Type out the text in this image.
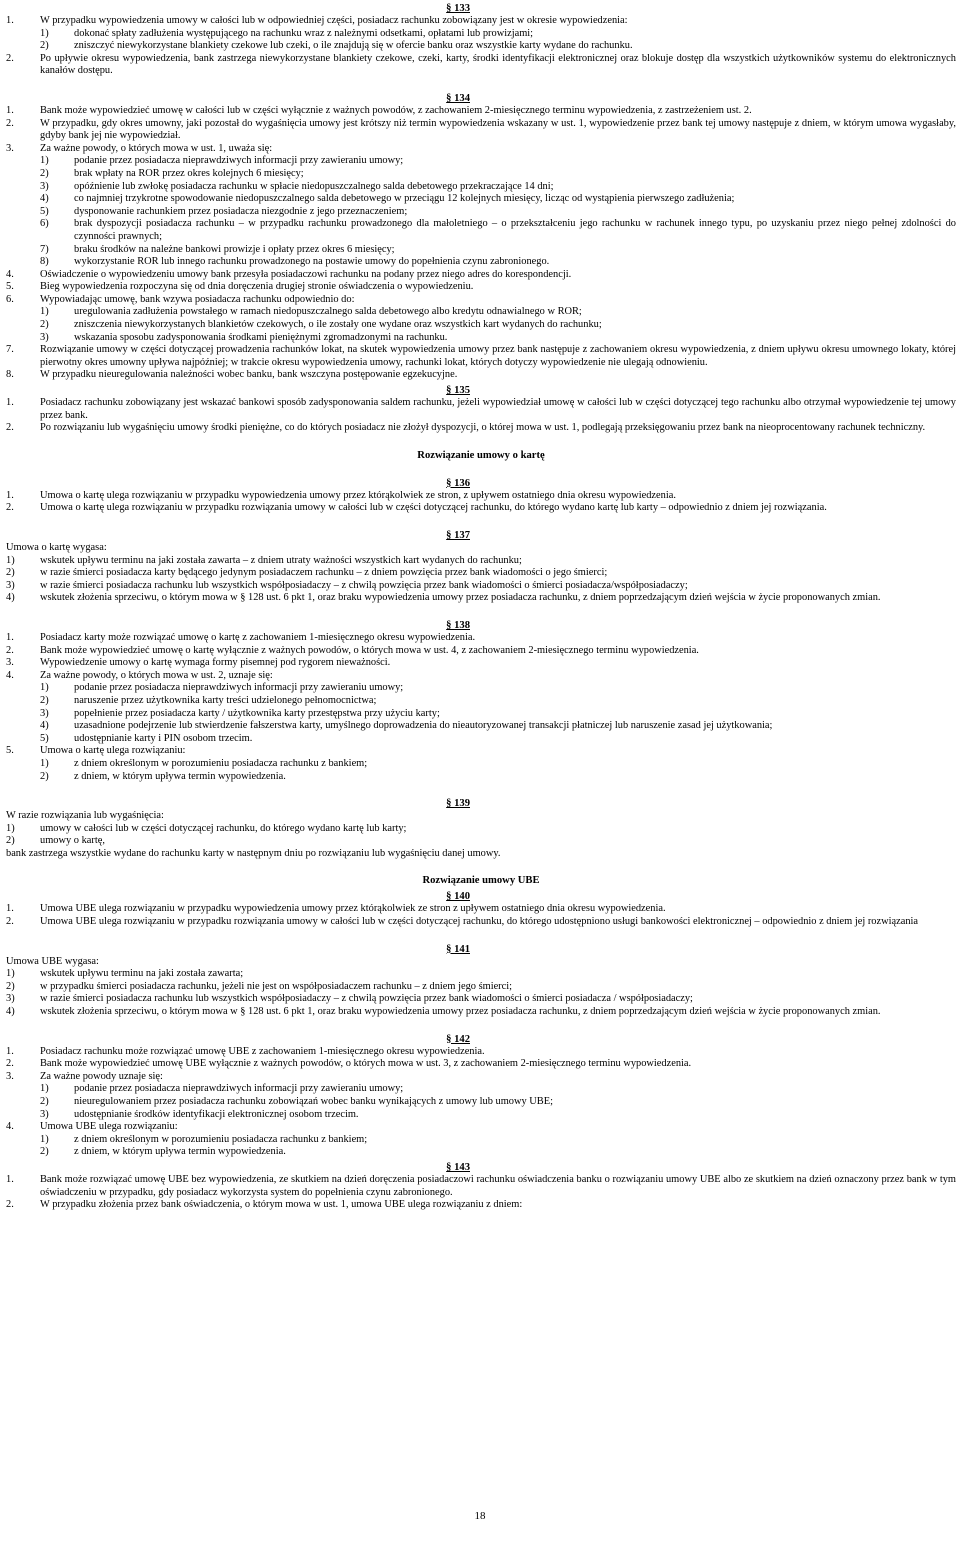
§ 133
1.	W przypadku wypowiedzenia umowy w całości lub w odpowiedniej części, posiadacz rachunku zobowiązany jest w okresie wypowiedzenia:
1)	dokonać spłaty zadłużenia występującego na rachunku wraz z należnymi odsetkami, opłatami lub prowizjami;
2)	zniszczyć niewykorzystane blankiety czekowe lub czeki, o ile znajdują się w ofercie banku oraz wszystkie karty wydane do rachunku.
2.	Po upływie okresu wypowiedzenia, bank zastrzega niewykorzystane blankiety czekowe, czeki, karty, środki identyfikacji elektronicznej oraz blokuje dostęp dla wszystkich użytkowników systemu do elektronicznych kanałów dostępu.
§ 134
1.	Bank może wypowiedzieć umowę w całości lub w części wyłącznie z ważnych powodów, z zachowaniem 2-miesięcznego terminu wypowiedzenia, z zastrzeżeniem ust. 2.
2.	W przypadku, gdy okres umowny, jaki pozostał do wygaśnięcia umowy jest krótszy niż termin wypowiedzenia wskazany w ust. 1, wypowiedzenie przez bank tej umowy następuje z dniem, w którym umowa wygasłaby, gdyby bank jej nie wypowiedział.
3.	Za ważne powody, o których mowa w ust. 1, uważa się:
1)	podanie przez posiadacza nieprawdziwych informacji przy zawieraniu umowy;
2)	brak wpłaty na ROR przez okres kolejnych 6 miesięcy;
3)	opóźnienie lub zwłokę posiadacza rachunku w spłacie niedopuszczalnego salda debetowego przekraczające 14 dni;
4)	co najmniej trzykrotne spowodowanie niedopuszczalnego salda debetowego w przeciągu 12 kolejnych miesięcy, licząc od wystąpienia pierwszego zadłużenia;
5)	dysponowanie rachunkiem przez posiadacza niezgodnie z jego przeznaczeniem;
6)	brak dyspozycji posiadacza rachunku – w przypadku rachunku prowadzonego dla małoletniego – o przekształceniu jego rachunku w rachunek innego typu, po uzyskaniu przez niego pełnej zdolności do czynności prawnych;
7)	braku środków na należne bankowi prowizje i opłaty przez okres 6 miesięcy;
8)	wykorzystanie ROR lub innego rachunku prowadzonego na postawie umowy do popełnienia czynu zabronionego.
4.	Oświadczenie o wypowiedzeniu umowy bank przesyła posiadaczowi rachunku na podany przez niego adres do korespondencji.
5.	Bieg wypowiedzenia rozpoczyna się od dnia doręczenia drugiej stronie oświadczenia o wypowiedzeniu.
6.	Wypowiadając umowę, bank wzywa posiadacza rachunku odpowiednio do:
1)	uregulowania zadłużenia powstałego w ramach niedopuszczalnego salda debetowego albo kredytu odnawialnego w ROR;
2)	zniszczenia niewykorzystanych blankietów czekowych, o ile zostały one wydane oraz wszystkich kart wydanych do rachunku;
3)	wskazania sposobu zadysponowania środkami pieniężnymi zgromadzonymi na rachunku.
7.	Rozwiązanie umowy w części dotyczącej prowadzenia rachunków lokat, na skutek wypowiedzenia umowy przez bank następuje z zachowaniem okresu wypowiedzenia, z dniem upływu okresu umownego lokaty, której pierwotny okres umowny upływa najpóźniej; w trakcie okresu wypowiedzenia umowy, rachunki lokat, których dotyczy wypowiedzenie nie ulegają odnowieniu.
8.	W przypadku nieuregulowania należności wobec banku, bank wszczyna postępowanie egzekucyjne.
§ 135
1.	Posiadacz rachunku zobowiązany jest wskazać bankowi sposób zadysponowania saldem rachunku, jeżeli wypowiedział umowę w całości lub w części dotyczącej tego rachunku albo otrzymał wypowiedzenie tej umowy przez bank.
2.	Po rozwiązaniu lub wygaśnięciu umowy środki pieniężne, co do których posiadacz nie złożył dyspozycji, o której mowa w ust. 1, podlegają przeksięgowaniu przez bank na nieoprocentowany rachunek techniczny.
Rozwiązanie umowy o kartę
§ 136
1.	Umowa o kartę ulega rozwiązaniu w przypadku wypowiedzenia umowy przez którąkolwiek ze stron, z upływem ostatniego dnia okresu wypowiedzenia.
2.	Umowa o kartę ulega rozwiązaniu w przypadku rozwiązania umowy w całości lub w części dotyczącej rachunku, do którego wydano kartę lub karty – odpowiednio z dniem jej rozwiązania.
§ 137
Umowa o kartę wygasa:
1)	wskutek upływu terminu na jaki została zawarta – z dniem utraty ważności wszystkich kart wydanych do rachunku;
2)	w razie śmierci posiadacza karty będącego jedynym posiadaczem rachunku – z dniem powzięcia przez bank wiadomości o jego śmierci;
3)	w razie śmierci posiadacza rachunku lub wszystkich współposiadaczy – z chwilą powzięcia przez bank wiadomości o śmierci posiadacza/współposiadaczy;
4)	wskutek złożenia sprzeciwu, o którym mowa w § 128 ust. 6 pkt 1, oraz braku wypowiedzenia umowy przez posiadacza rachunku, z dniem poprzedzającym dzień wejścia w życie proponowanych zmian.
§ 138
1.	Posiadacz karty może rozwiązać umowę o kartę z zachowaniem 1-miesięcznego okresu wypowiedzenia.
2.	Bank może wypowiedzieć umowę o kartę wyłącznie z ważnych powodów, o których mowa w ust. 4, z zachowaniem 2-miesięcznego terminu wypowiedzenia.
3.	Wypowiedzenie umowy o kartę wymaga formy pisemnej pod rygorem nieważności.
4.	Za ważne powody, o których mowa w ust. 2, uznaje się:
1)	podanie przez posiadacza nieprawdziwych informacji przy zawieraniu umowy;
2)	naruszenie przez użytkownika karty treści udzielonego pełnomocnictwa;
3)	popełnienie przez posiadacza karty / użytkownika karty przestępstwa przy użyciu karty;
4)	uzasadnione podejrzenie lub stwierdzenie fałszerstwa karty, umyślnego doprowadzenia do nieautoryzowanej transakcji płatniczej lub naruszenie zasad jej użytkowania;
5)	udostępnianie karty i PIN osobom trzecim.
5.	Umowa o kartę ulega rozwiązaniu:
1)	z dniem określonym w porozumieniu posiadacza rachunku z bankiem;
2)	z dniem, w którym upływa termin wypowiedzenia.
§ 139
W razie rozwiązania lub wygaśnięcia:
1)	umowy w całości lub w części dotyczącej rachunku, do którego wydano kartę lub karty;
2)	umowy o kartę,
bank zastrzega wszystkie wydane do rachunku karty w następnym dniu po rozwiązaniu lub wygaśnięciu danej umowy.
Rozwiązanie umowy UBE
§ 140
1.	Umowa UBE ulega rozwiązaniu w przypadku wypowiedzenia umowy przez którąkolwiek ze stron z upływem ostatniego dnia okresu wypowiedzenia.
2.	Umowa UBE ulega rozwiązaniu w przypadku rozwiązania umowy w całości lub w części dotyczącej rachunku, do którego udostępniono usługi bankowości elektronicznej – odpowiednio z dniem jej rozwiązania
§ 141
Umowa UBE wygasa:
1)	wskutek upływu terminu na jaki została zawarta;
2)	w przypadku śmierci posiadacza rachunku, jeżeli nie jest on współposiadaczem rachunku – z dniem jego śmierci;
3)	w razie śmierci posiadacza rachunku lub wszystkich współposiadaczy – z chwilą powzięcia przez bank wiadomości o śmierci posiadacza / współposiadaczy;
4)	wskutek złożenia sprzeciwu, o którym mowa w § 128 ust. 6 pkt 1, oraz braku wypowiedzenia umowy przez posiadacza rachunku, z dniem poprzedzającym dzień wejścia w życie proponowanych zmian.
§ 142
1.	Posiadacz rachunku może rozwiązać umowę UBE z zachowaniem 1-miesięcznego okresu wypowiedzenia.
2.	Bank może wypowiedzieć umowę UBE wyłącznie z ważnych powodów, o których mowa w ust. 3, z zachowaniem 2-miesięcznego terminu wypowiedzenia.
3.	Za ważne powody uznaje się:
1)	podanie przez posiadacza nieprawdziwych informacji przy zawieraniu umowy;
2)	nieuregulowaniem przez posiadacza rachunku zobowiązań wobec banku wynikających z umowy lub umowy UBE;
3)	udostępnianie środków identyfikacji elektronicznej osobom trzecim.
4.	Umowa UBE ulega rozwiązaniu:
1)	z dniem określonym w porozumieniu posiadacza rachunku z bankiem;
2)	z dniem, w którym upływa termin wypowiedzenia.
§ 143
1.	Bank może rozwiązać umowę UBE bez wypowiedzenia, ze skutkiem na dzień doręczenia posiadaczowi rachunku oświadczenia banku o rozwiązaniu umowy UBE albo ze skutkiem na dzień oznaczony przez bank w tym oświadczeniu w przypadku, gdy posiadacz wykorzysta system do popełnienia czynu zabronionego.
2.	W przypadku złożenia przez bank oświadczenia, o którym mowa w ust. 1, umowa UBE ulega rozwiązaniu z dniem:
18
